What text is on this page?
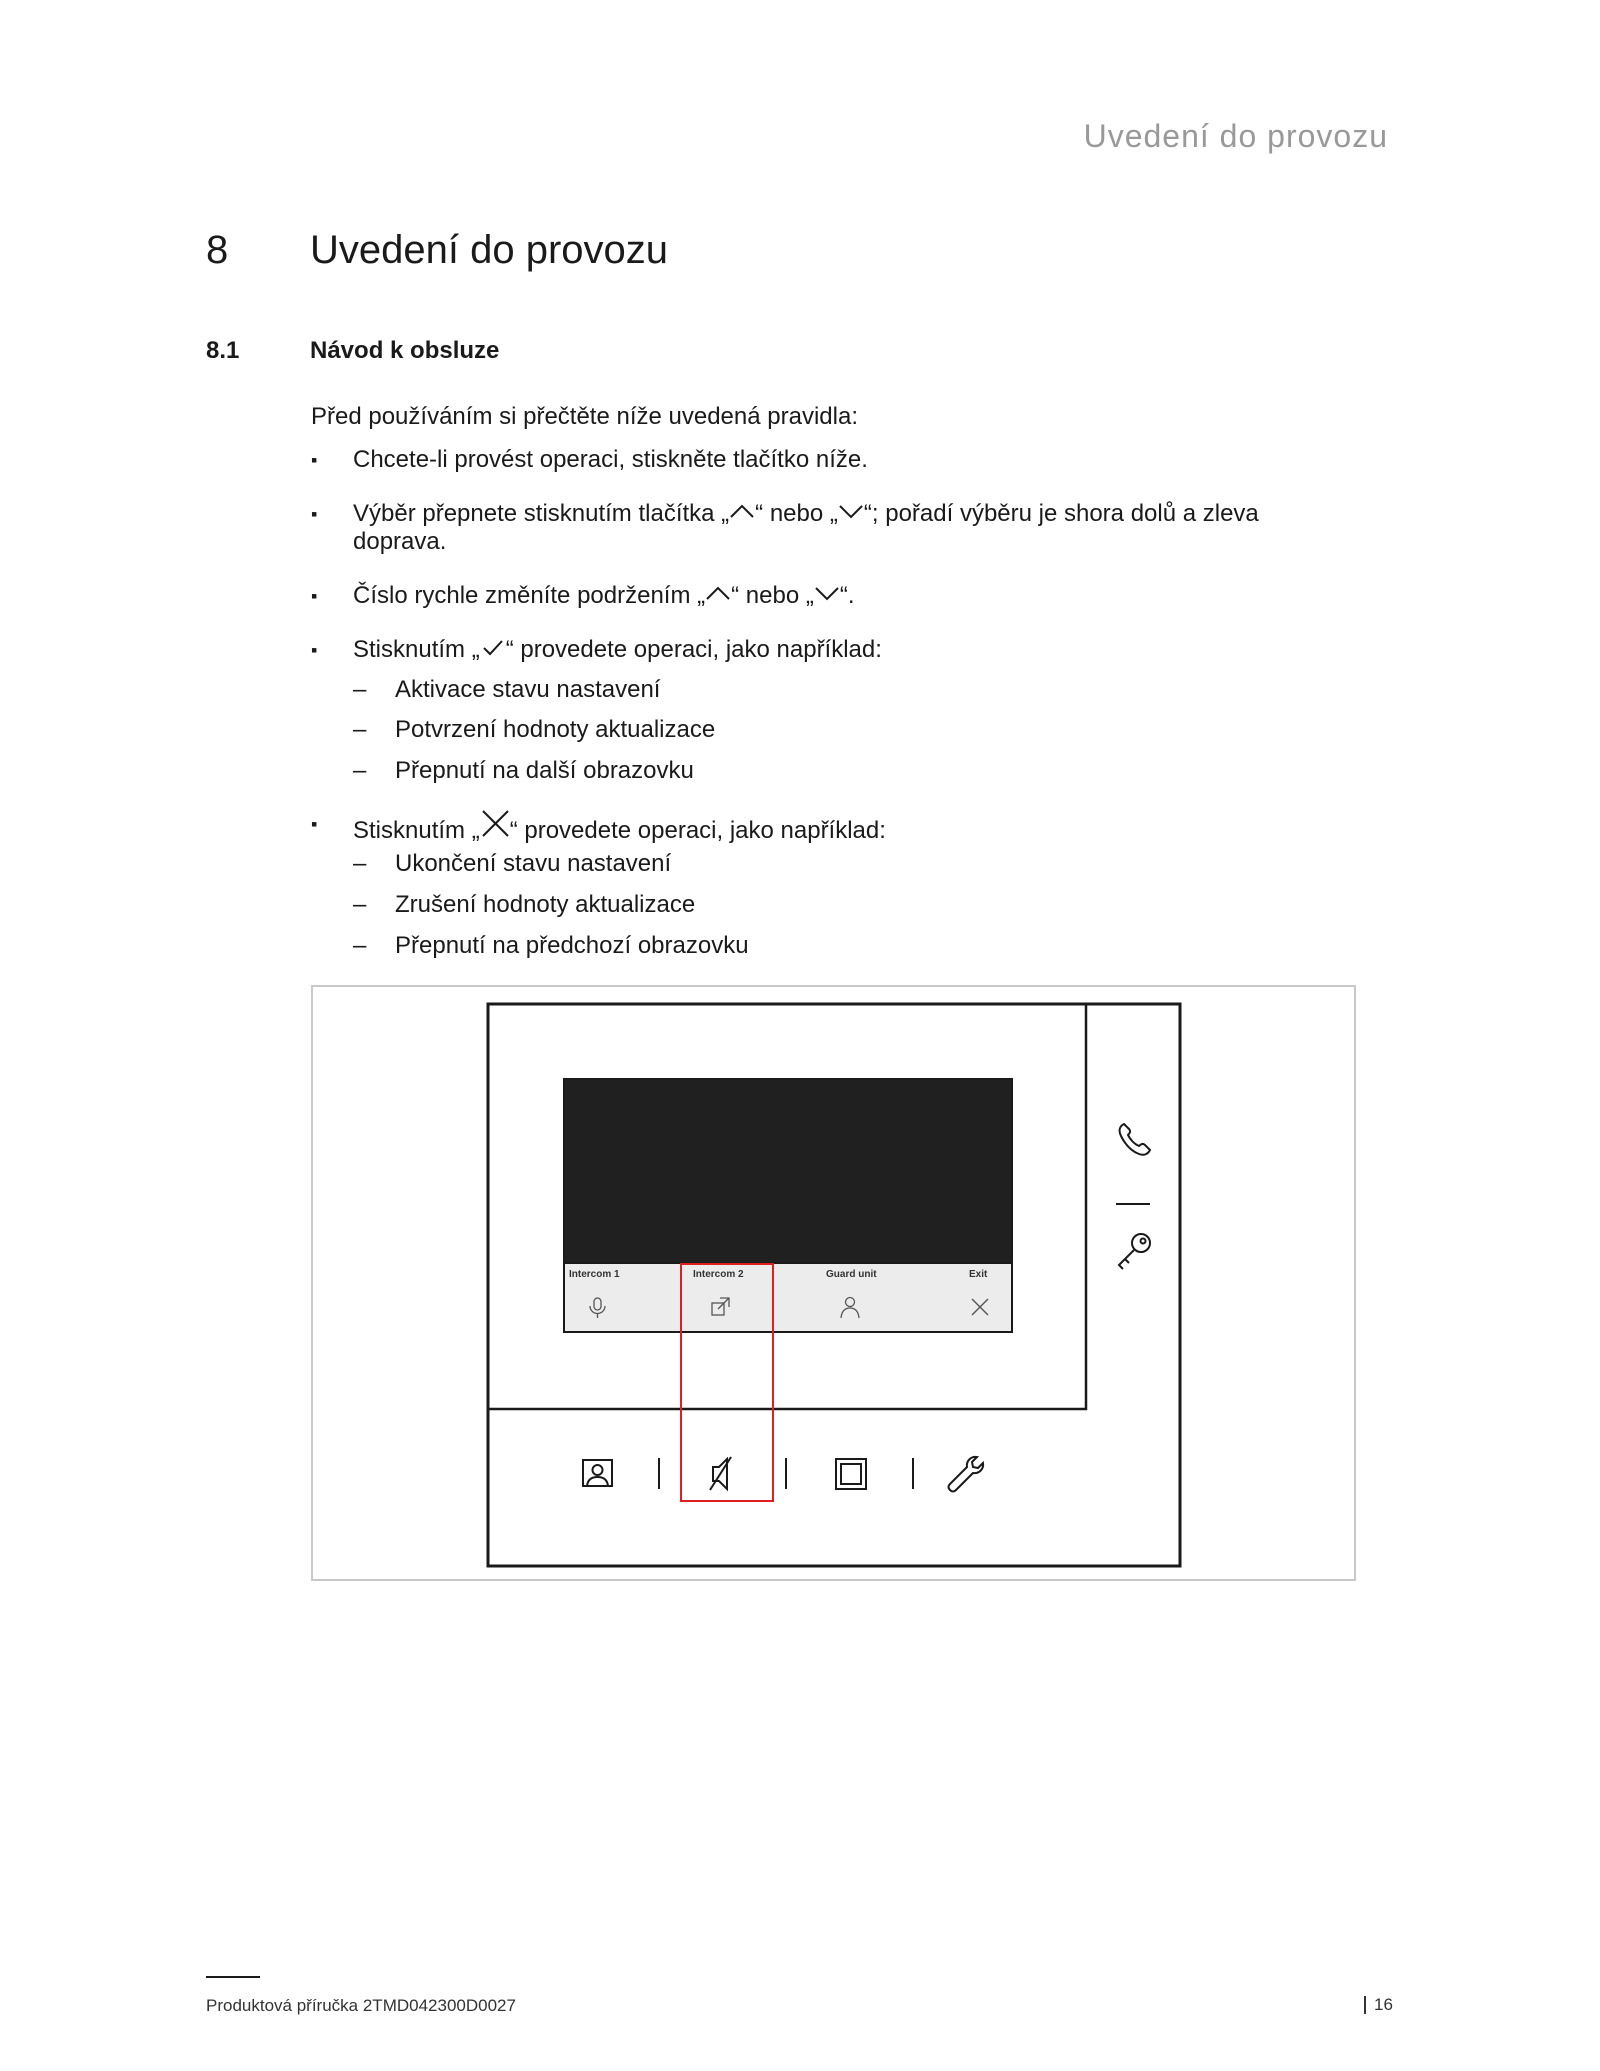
Uvedení do provozu
8 Uvedení do provozu
8.1	Návod k obsluze
Před používáním si přečtěte níže uvedená pravidla:
▪ Chcete-li provést operaci, stiskněte tlačítko níže.
▪ Výběr přepnete stisknutím tlačítka „ “ nebo „ “; pořadí výběru je shora dolů a zleva
doprava.
▪ Číslo rychle změníte podržením „ “ nebo „ “.
▪ Stisknutím „ “ provedete operaci, jako například:
– Aktivace stavu nastavení
– Potvrzení hodnoty aktualizace
– Přepnutí na další obrazovku
▪ Stisknutím „ “ provedete operaci, jako například:
– Ukončení stavu nastavení
– Zrušení hodnoty aktualizace
– Přepnutí na předchozí obrazovku
Intercom 1	Intercom 2	Guard unit	Exit
Produktová příručka 2TMD042300D0027	16
